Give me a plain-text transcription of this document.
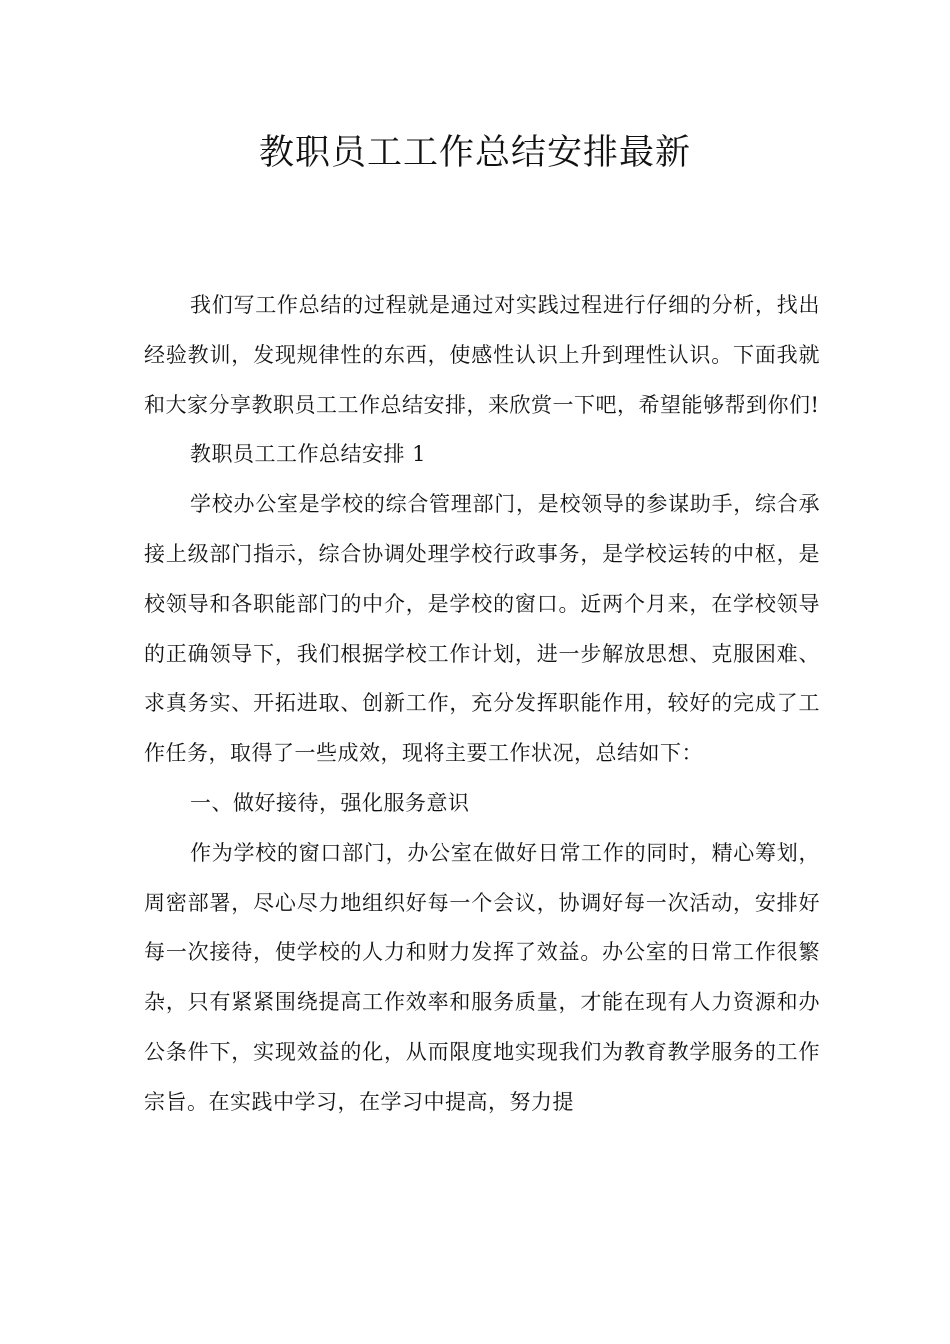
教职员工工作总结安排最新

我们写工作总结的过程就是通过对实践过程进行仔细的分析，找出经验教训，发现规律性的东西，使感性认识上升到理性认识。下面我就和大家分享教职员工工作总结安排，来欣赏一下吧，希望能够帮到你们!

教职员工工作总结安排 1

学校办公室是学校的综合管理部门，是校领导的参谋助手，综合承接上级部门指示，综合协调处理学校行政事务，是学校运转的中枢，是校领导和各职能部门的中介，是学校的窗口。近两个月来，在学校领导的正确领导下，我们根据学校工作计划，进一步解放思想、克服困难、求真务实、开拓进取、创新工作，充分发挥职能作用，较好的完成了工作任务，取得了一些成效，现将主要工作状况，总结如下：

一、做好接待，强化服务意识

作为学校的窗口部门，办公室在做好日常工作的同时，精心筹划，周密部署，尽心尽力地组织好每一个会议，协调好每一次活动，安排好每一次接待，使学校的人力和财力发挥了效益。办公室的日常工作很繁杂，只有紧紧围绕提高工作效率和服务质量，才能在现有人力资源和办公条件下，实现效益的化，从而限度地实现我们为教育教学服务的工作宗旨。在实践中学习，在学习中提高，努力提
